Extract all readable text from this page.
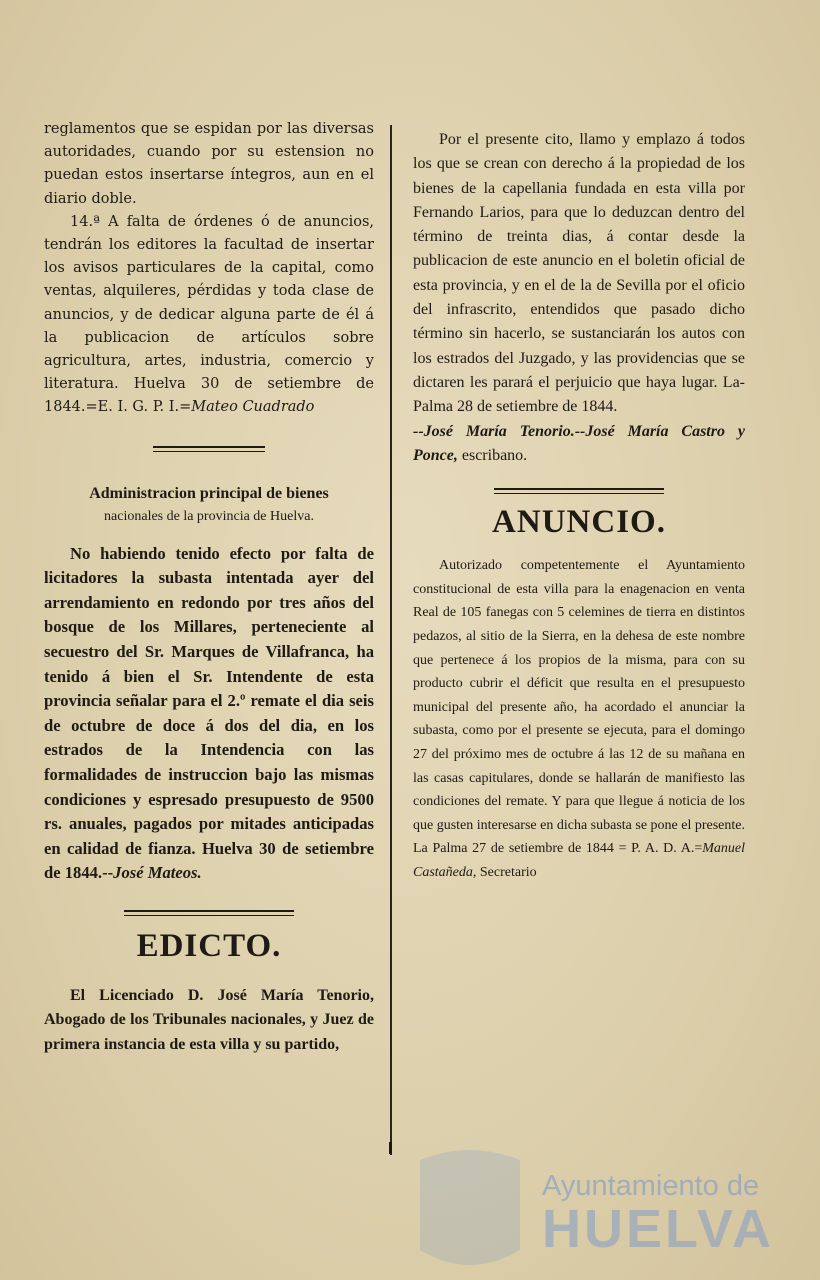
reglamentos que se espidan por las diversas autoridades, cuando por su estension no puedan estos insertarse íntegros, aun en el diario doble.

14.ª A falta de órdenes ó de anuncios, tendrán los editores la facultad de insertar los avisos particulares de la capital, como ventas, alquileres, pérdidas y toda clase de anuncios, y de dedicar alguna parte de él á la publicacion de artículos sobre agricultura, artes, industria, comercio y literatura. Huelva 30 de setiembre de 1844.=E. I. G. P. I.=Mateo Cuadrado

Administracion principal de bienes

nacionales de la provincia de Huelva.

No habiendo tenido efecto por falta de licitadores la subasta intentada ayer del arrendamiento en redondo por tres años del bosque de los Millares, perteneciente al secuestro del Sr. Marques de Villafranca, ha tenido á bien el Sr. Intendente de esta provincia señalar para el 2.º remate el dia seis de octubre de doce á dos del dia, en los estrados de la Intendencia con las formalidades de instruccion bajo las mismas condiciones y espresado presupuesto de 9500 rs. anuales, pagados por mitades anticipadas en calidad de fianza. Huelva 30 de setiembre de 1844.--José Mateos.

EDICTO.

El Licenciado D. José María Tenorio, Abogado de los Tribunales nacionales, y Juez de primera instancia de esta villa y su partido,

Por el presente cito, llamo y emplazo á todos los que se crean con derecho á la propiedad de los bienes de la capellania fundada en esta villa por Fernando Larios, para que lo deduzcan dentro del término de treinta dias, á contar desde la publicacion de este anuncio en el boletin oficial de esta provincia, y en el de la de Sevilla por el oficio del infrascrito, entendidos que pasado dicho término sin hacerlo, se sustanciarán los autos con los estrados del Juzgado, y las providencias que se dictaren les parará el perjuicio que haya lugar. La-Palma 28 de setiembre de 1844.

--José María Tenorio.--José María Castro y Ponce, escribano.

ANUNCIO.

Autorizado competentemente el Ayuntamiento constitucional de esta villa para la enagenacion en venta Real de 105 fanegas con 5 celemines de tierra en distintos pedazos, al sitio de la Sierra, en la dehesa de este nombre que pertenece á los propios de la misma, para con su producto cubrir el déficit que resulta en el presupuesto municipal del presente año, ha acordado el anunciar la subasta, como por el presente se ejecuta, para el domingo 27 del próximo mes de octubre á las 12 de su mañana en las casas capitulares, donde se hallarán de manifiesto las condiciones del remate. Y para que llegue á noticia de los que gusten interesarse en dicha subasta se pone el presente. La Palma 27 de setiembre de 1844 = P. A. D. A.=Manuel Castañeda, Secretario

Ayuntamiento de
HUELVA
